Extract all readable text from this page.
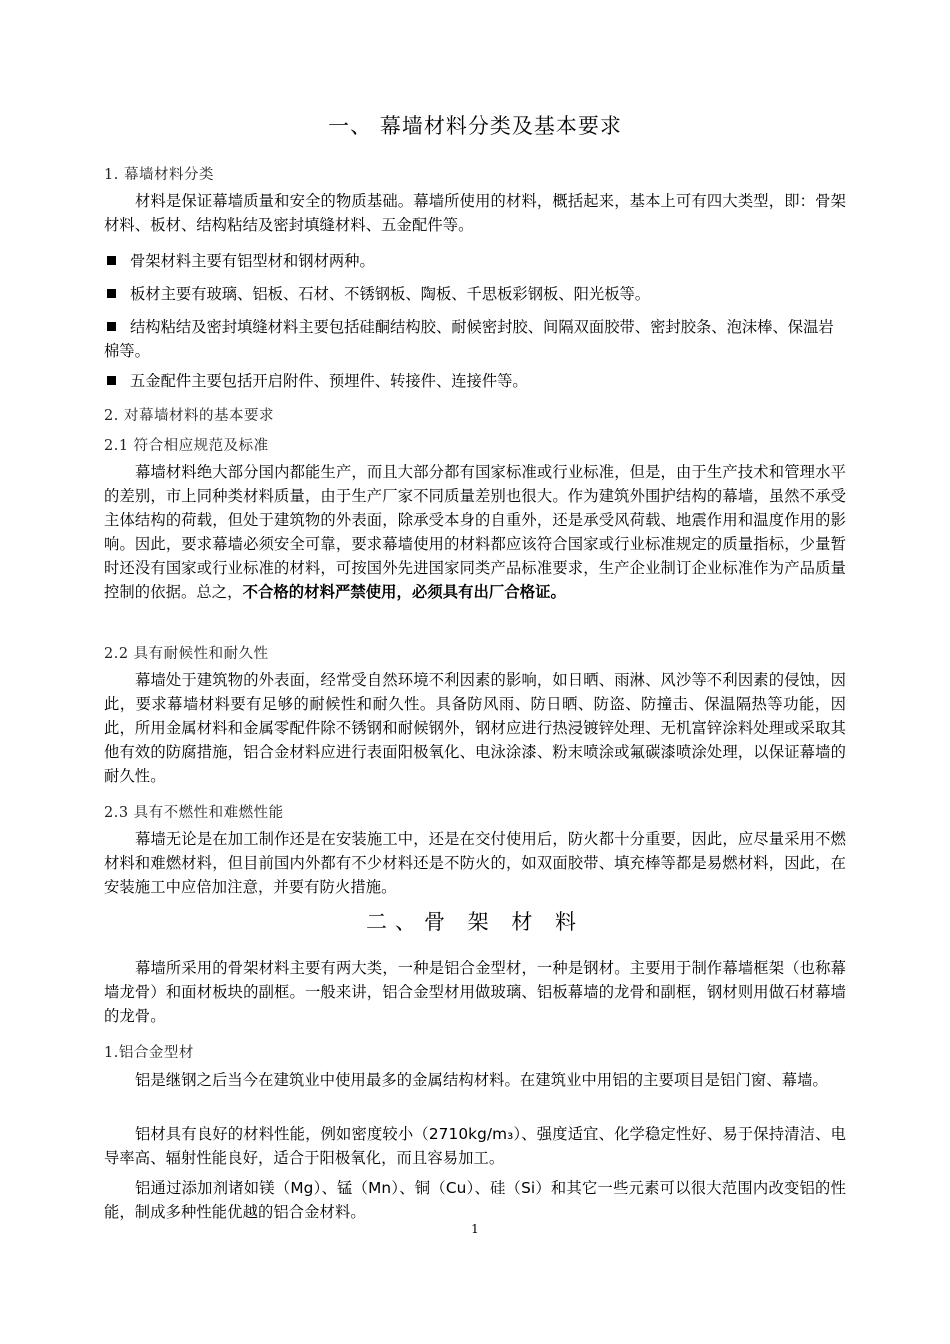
一、 幕墙材料分类及基本要求
1. 幕墙材料分类
材料是保证幕墙质量和安全的物质基础。幕墙所使用的材料，概括起来，基本上可有四大类型，即：骨架材料、板材、结构粘结及密封填缝材料、五金配件等。
骨架材料主要有铝型材和钢材两种。
板材主要有玻璃、铝板、石材、不锈钢板、陶板、千思板彩钢板、阳光板等。
结构粘结及密封填缝材料主要包括硅酮结构胶、耐候密封胶、间隔双面胶带、密封胶条、泡沫棒、保温岩棉等。
五金配件主要包括开启附件、预埋件、转接件、连接件等。
2. 对幕墙材料的基本要求
2.1 符合相应规范及标准
幕墙材料绝大部分国内都能生产，而且大部分都有国家标准或行业标准，但是，由于生产技术和管理水平的差别，市上同种类材料质量，由于生产厂家不同质量差别也很大。作为建筑外围护结构的幕墙，虽然不承受主体结构的荷载，但处于建筑物的外表面，除承受本身的自重外，还是承受风荷载、地震作用和温度作用的影响。因此，要求幕墙必须安全可靠，要求幕墙使用的材料都应该符合国家或行业标准规定的质量指标，少量暂时还没有国家或行业标准的材料，可按国外先进国家同类产品标准要求，生产企业制订企业标准作为产品质量控制的依据。总之，不合格的材料严禁使用，必须具有出厂合格证。
2.2 具有耐候性和耐久性
幕墙处于建筑物的外表面，经常受自然环境不利因素的影响，如日晒、雨淋、风沙等不利因素的侵蚀，因此，要求幕墙材料要有足够的耐候性和耐久性。具备防风雨、防日晒、防盗、防撞击、保温隔热等功能，因此，所用金属材料和金属零配件除不锈钢和耐候钢外，钢材应进行热浸镀锌处理、无机富锌涂料处理或采取其他有效的防腐措施，铝合金材料应进行表面阳极氧化、电泳涂漆、粉末喷涂或氟碳漆喷涂处理，以保证幕墙的耐久性。
2.3 具有不燃性和难燃性能
幕墙无论是在加工制作还是在安装施工中，还是在交付使用后，防火都十分重要，因此，应尽量采用不燃材料和难燃材料，但目前国内外都有不少材料还是不防火的，如双面胶带、填充棒等都是易燃材料，因此，在安装施工中应倍加注意，并要有防火措施。
二、骨 架 材 料
幕墙所采用的骨架材料主要有两大类，一种是铝合金型材，一种是钢材。主要用于制作幕墙框架（也称幕墙龙骨）和面材板块的副框。一般来讲，铝合金型材用做玻璃、铝板幕墙的龙骨和副框，钢材则用做石材幕墙的龙骨。
1.铝合金型材
铝是继钢之后当今在建筑业中使用最多的金属结构材料。在建筑业中用铝的主要项目是铝门窗、幕墙。
铝材具有良好的材料性能，例如密度较小（2710kg/m₃）、强度适宜、化学稳定性好、易于保持清洁、电导率高、辐射性能良好，适合于阳极氧化，而且容易加工。
铝通过添加剂诸如镁（Mg）、锰（Mn）、铜（Cu）、硅（Si）和其它一些元素可以很大范围内改变铝的性能，制成多种性能优越的铝合金材料。
1
